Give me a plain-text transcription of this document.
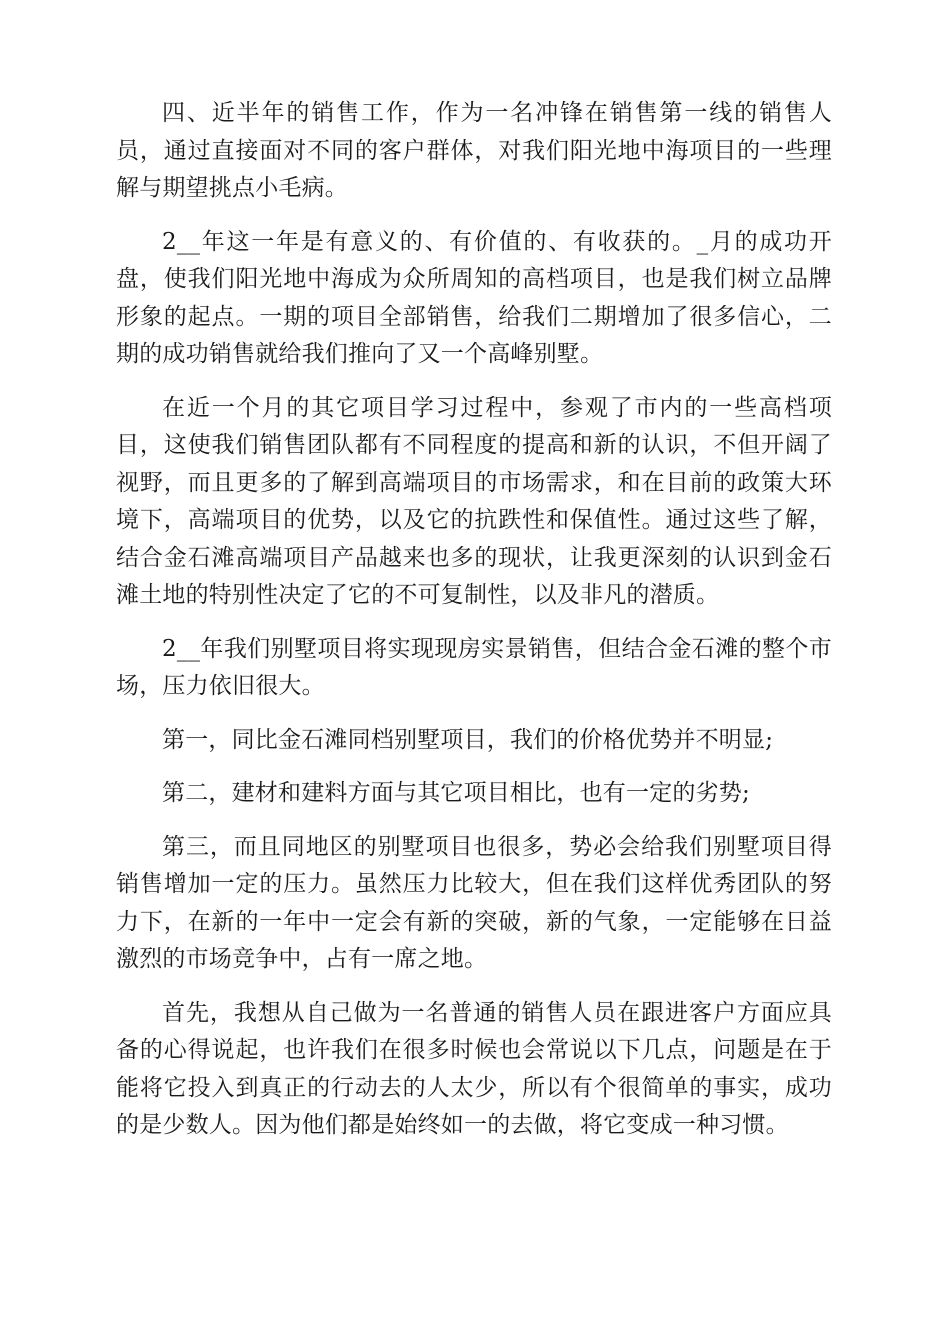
四、近半年的销售工作，作为一名冲锋在销售第一线的销售人员，通过直接面对不同的客户群体，对我们阳光地中海项目的一些理解与期望挑点小毛病。

2__年这一年是有意义的、有价值的、有收获的。_月的成功开盘，使我们阳光地中海成为众所周知的高档项目，也是我们树立品牌形象的起点。一期的项目全部销售，给我们二期增加了很多信心，二期的成功销售就给我们推向了又一个高峰别墅。

在近一个月的其它项目学习过程中，参观了市内的一些高档项目，这使我们销售团队都有不同程度的提高和新的认识，不但开阔了视野，而且更多的了解到高端项目的市场需求，和在目前的政策大环境下，高端项目的优势，以及它的抗跌性和保值性。通过这些了解，结合金石滩高端项目产品越来也多的现状，让我更深刻的认识到金石滩土地的特别性决定了它的不可复制性，以及非凡的潜质。

2__年我们别墅项目将实现现房实景销售，但结合金石滩的整个市场，压力依旧很大。

第一，同比金石滩同档别墅项目，我们的价格优势并不明显;

第二，建材和建料方面与其它项目相比，也有一定的劣势;

第三，而且同地区的别墅项目也很多，势必会给我们别墅项目得销售增加一定的压力。虽然压力比较大，但在我们这样优秀团队的努力下，在新的一年中一定会有新的突破，新的气象，一定能够在日益激烈的市场竞争中，占有一席之地。

首先，我想从自己做为一名普通的销售人员在跟进客户方面应具备的心得说起，也许我们在很多时候也会常说以下几点，问题是在于能将它投入到真正的行动去的人太少，所以有个很简单的事实，成功的是少数人。因为他们都是始终如一的去做，将它变成一种习惯。
